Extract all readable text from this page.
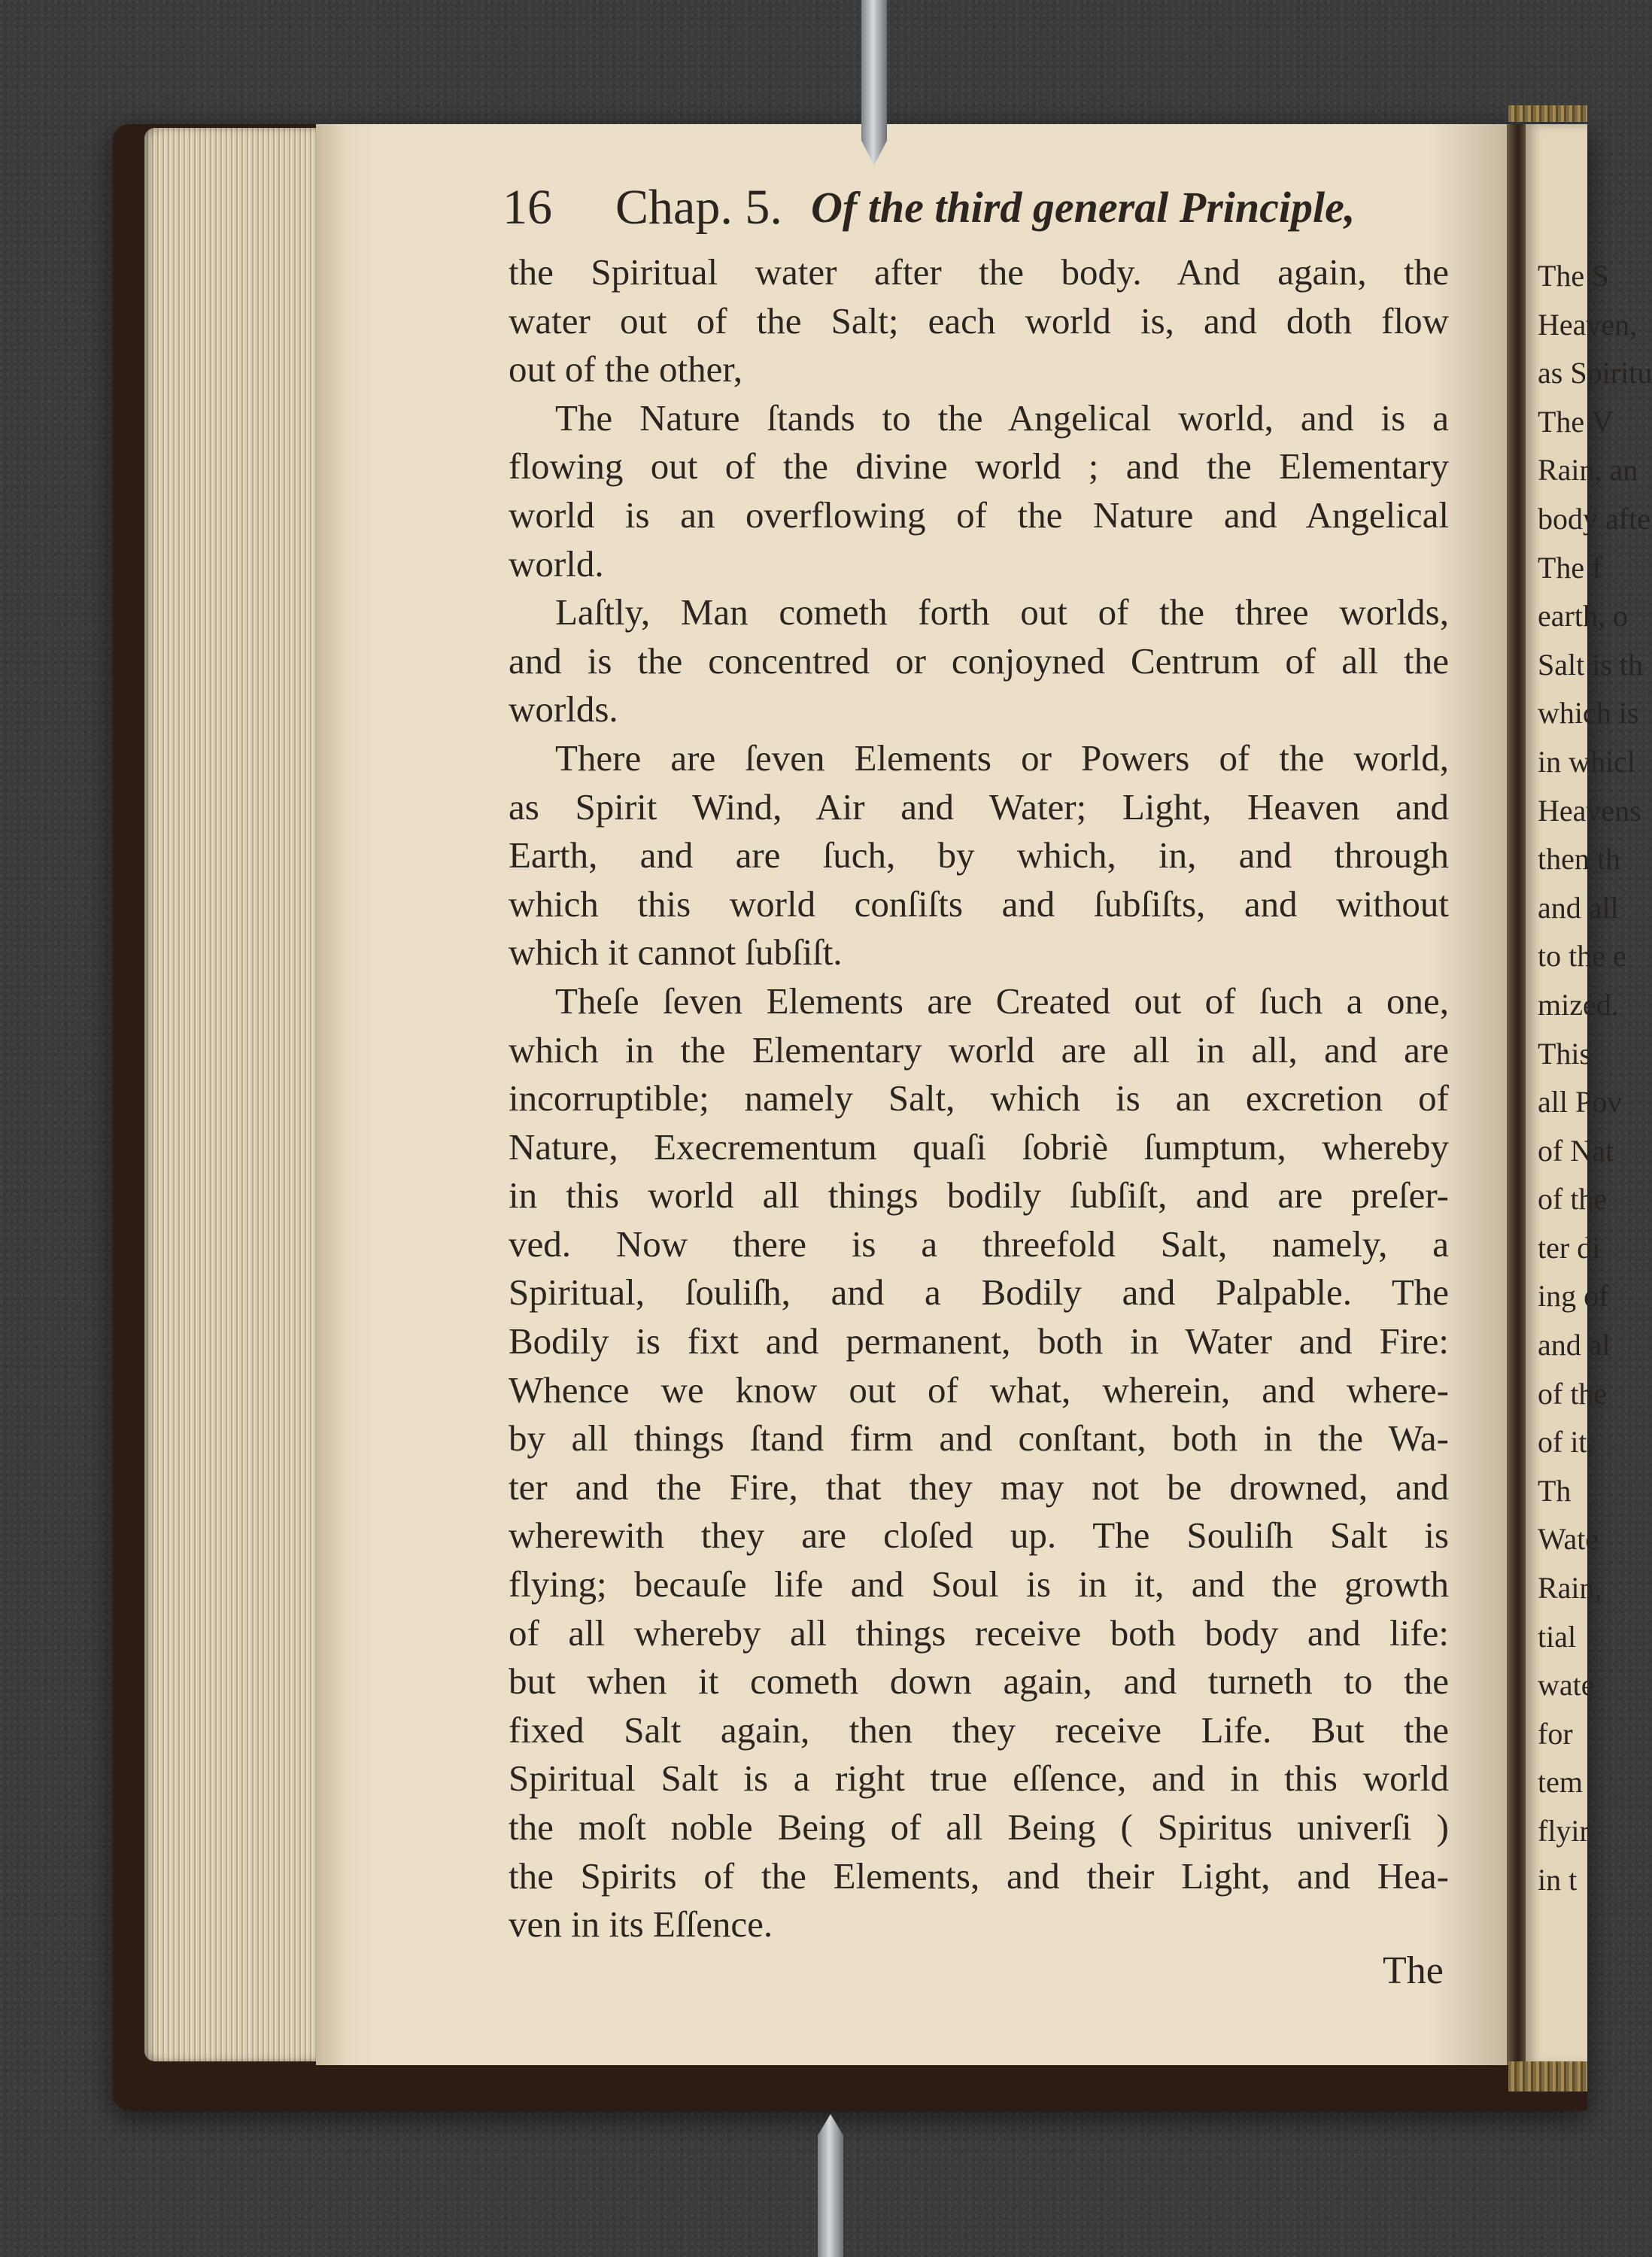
The S
Heaven,
as Spiritu
The V
Rain, an
body afte
The f
earth, o
Salt is th
which is
in whicl
Heavens
then th
and all
to the e
mized.
This
all Pov
of Nat
of the
ter di
ing of
and al
of the
of it.
Th
Wate
Rain,
tial
wate
for
tem
flyir
in t
16 Chap. 5. Of the third general Principle,
the Spiritual water after the body. And again, the
water out of the Salt; each world is, and doth flow
out of the other,
The Nature ſtands to the Angelical world, and is a
flowing out of the divine world ; and the Elementary
world is an overflowing of the Nature and Angelical
world.
Laſtly, Man cometh forth out of the three worlds,
and is the concentred or conjoyned Centrum of all the
worlds.
There are ſeven Elements or Powers of the world,
as Spirit Wind, Air and Water; Light, Heaven and
Earth, and are ſuch, by which, in, and through
which this world conſiſts and ſubſiſts, and without
which it cannot ſubſiſt.
Theſe ſeven Elements are Created out of ſuch a one,
which in the Elementary world are all in all, and are
incorruptible; namely Salt, which is an excretion of
Nature, Execrementum quaſi ſobriè ſumptum, whereby
in this world all things bodily ſubſiſt, and are preſer-
ved. Now there is a threefold Salt, namely, a
Spiritual, ſouliſh, and a Bodily and Palpable. The
Bodily is fixt and permanent, both in Water and Fire:
Whence we know out of what, wherein, and where-
by all things ſtand firm and conſtant, both in the Wa-
ter and the Fire, that they may not be drowned, and
wherewith they are cloſed up. The Souliſh Salt is
flying; becauſe life and Soul is in it, and the growth
of all whereby all things receive both body and life:
but when it cometh down again, and turneth to the
fixed Salt again, then they receive Life. But the
Spiritual Salt is a right true eſſence, and in this world
the moſt noble Being of all Being ( Spiritus univerſi )
the Spirits of the Elements, and their Light, and Hea-
ven in its Eſſence.
The
